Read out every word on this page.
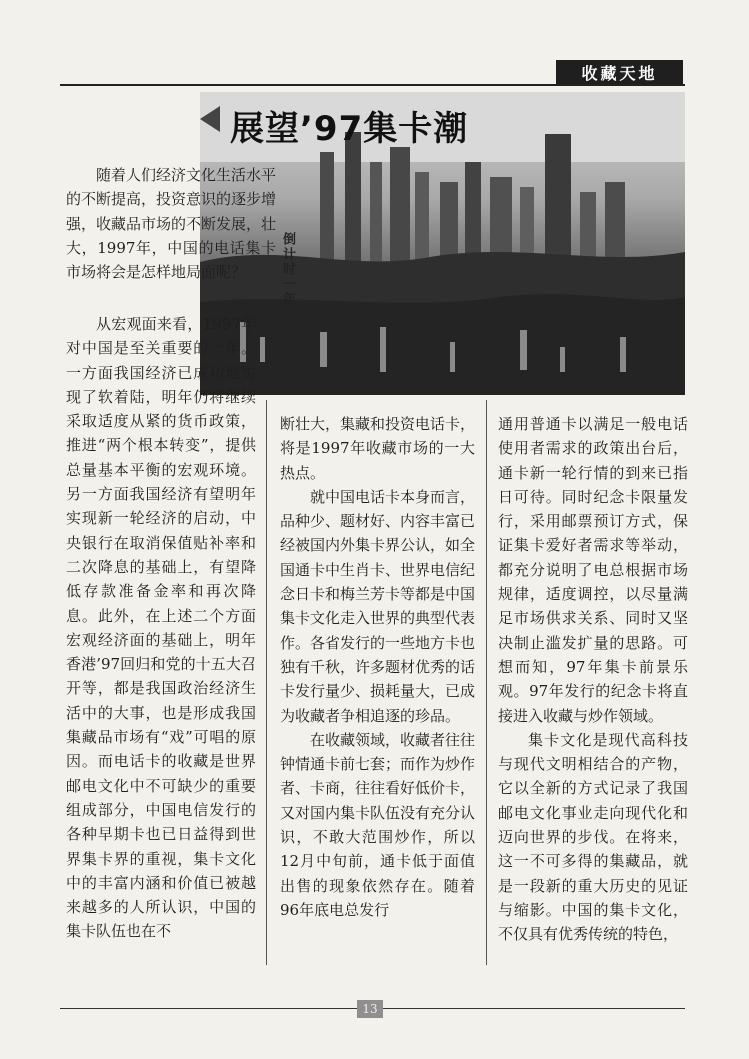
收藏天地
展望’97集卡潮
倒计时一年

随着人们经济文化生活水平的不断提高，投资意识的逐步增强，收藏品市场的不断发展，壮大，1997年，中国的电话集卡市场将会是怎样地局面呢？

从宏观面来看，1997年对中国是至关重要的一年。一方面我国经济已成功地实现了软着陆，明年仍将继续采取适度从紧的货币政策，推进“两个根本转变”，提供总量基本平衡的宏观环境。另一方面我国经济有望明年实现新一轮经济的启动，中央银行在取消保值贴补率和二次降息的基础上，有望降低存款准备金率和再次降息。此外，在上述二个方面宏观经济面的基础上，明年香港’97回归和党的十五大召开等，都是我国政治经济生活中的大事，也是形成我国集藏品市场有“戏”可唱的原因。而电话卡的收藏是世界邮电文化中不可缺少的重要组成部分，中国电信发行的各种早期卡也已日益得到世界集卡界的重视，集卡文化中的丰富内涵和价值已被越来越多的人所认识，中国的集卡队伍也在不

断壮大，集藏和投资电话卡，将是1997年收藏市场的一大热点。

就中国电话卡本身而言，品种少、题材好、内容丰富已经被国内外集卡界公认，如全国通卡中生肖卡、世界电信纪念日卡和梅兰芳卡等都是中国集卡文化走入世界的典型代表作。各省发行的一些地方卡也独有千秋，许多题材优秀的话卡发行量少、损耗量大，已成为收藏者争相追逐的珍品。

在收藏领域，收藏者往往钟情通卡前七套；而作为炒作者、卡商，往往看好低价卡，又对国内集卡队伍没有充分认识，不敢大范围炒作，所以12月中旬前，通卡低于面值出售的现象依然存在。随着96年底电总发行

通用普通卡以满足一般电话使用者需求的政策出台后，通卡新一轮行情的到来已指日可待。同时纪念卡限量发行，采用邮票预订方式，保证集卡爱好者需求等举动，都充分说明了电总根据市场规律，适度调控，以尽量满足市场供求关系、同时又坚决制止滥发扩量的思路。可想而知，97年集卡前景乐观。97年发行的纪念卡将直接进入收藏与炒作领域。

集卡文化是现代高科技与现代文明相结合的产物，它以全新的方式记录了我国邮电文化事业走向现代化和迈向世界的步伐。在将来，这一不可多得的集藏品，就是一段新的重大历史的见证与缩影。中国的集卡文化，不仅具有优秀传统的特色，

13
